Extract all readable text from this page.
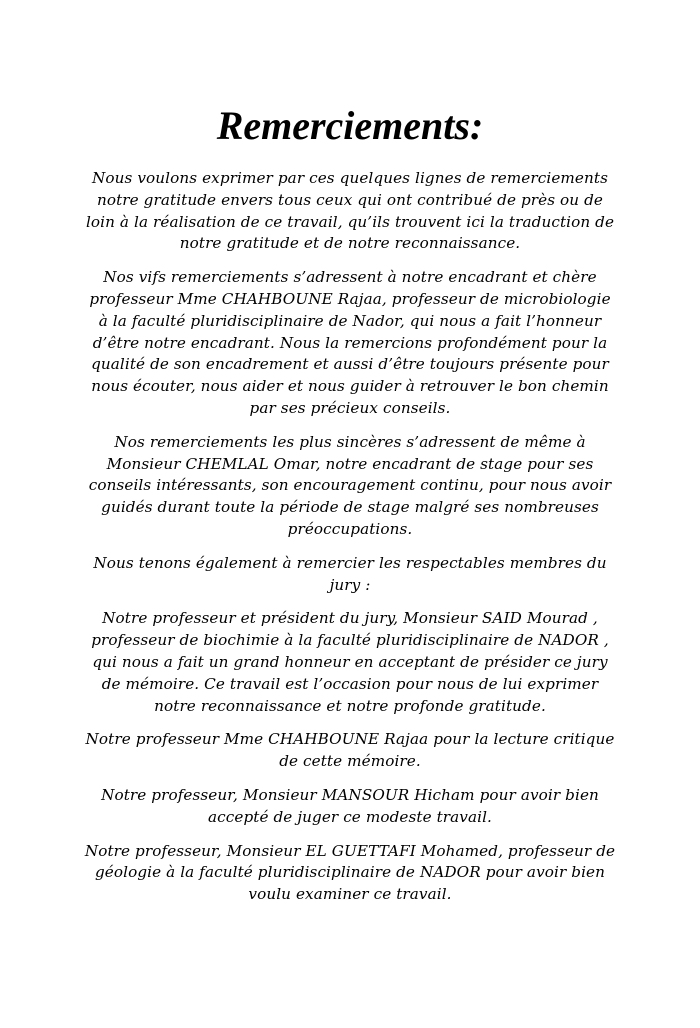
Remerciements:

Nous voulons exprimer par ces quelques lignes de remerciements notre gratitude envers tous ceux qui ont contribué de près ou de loin à la réalisation de ce travail, qu’ils trouvent ici la traduction de notre gratitude et de notre reconnaissance.

Nos vifs remerciements s’adressent à notre encadrant et chère professeur Mme CHAHBOUNE Rajaa, professeur de microbiologie à la faculté pluridisciplinaire de Nador, qui nous a fait l’honneur d’être notre encadrant. Nous la remercions profondément pour la qualité de son encadrement et aussi d’être toujours présente pour nous écouter, nous aider et nous guider à retrouver le bon chemin par ses précieux conseils.

Nos remerciements les plus sincères s’adressent de même à Monsieur CHEMLAL Omar, notre encadrant de stage pour ses conseils intéressants, son encouragement continu, pour nous avoir guidés durant toute la période de stage malgré ses nombreuses préoccupations.

Nous tenons également à remercier les respectables membres du jury :

Notre professeur et président du jury, Monsieur SAID Mourad , professeur de biochimie à la faculté pluridisciplinaire de NADOR , qui nous a fait un grand honneur en acceptant de présider ce jury de mémoire. Ce travail est l’occasion pour nous de lui exprimer notre reconnaissance et notre profonde gratitude.

Notre professeur Mme CHAHBOUNE Rajaa pour la lecture critique de cette mémoire.

Notre professeur, Monsieur MANSOUR Hicham pour avoir bien accepté de juger ce modeste travail.

Notre professeur, Monsieur EL GUETTAFI Mohamed, professeur de géologie à la faculté pluridisciplinaire de NADOR pour avoir bien voulu examiner ce travail.
